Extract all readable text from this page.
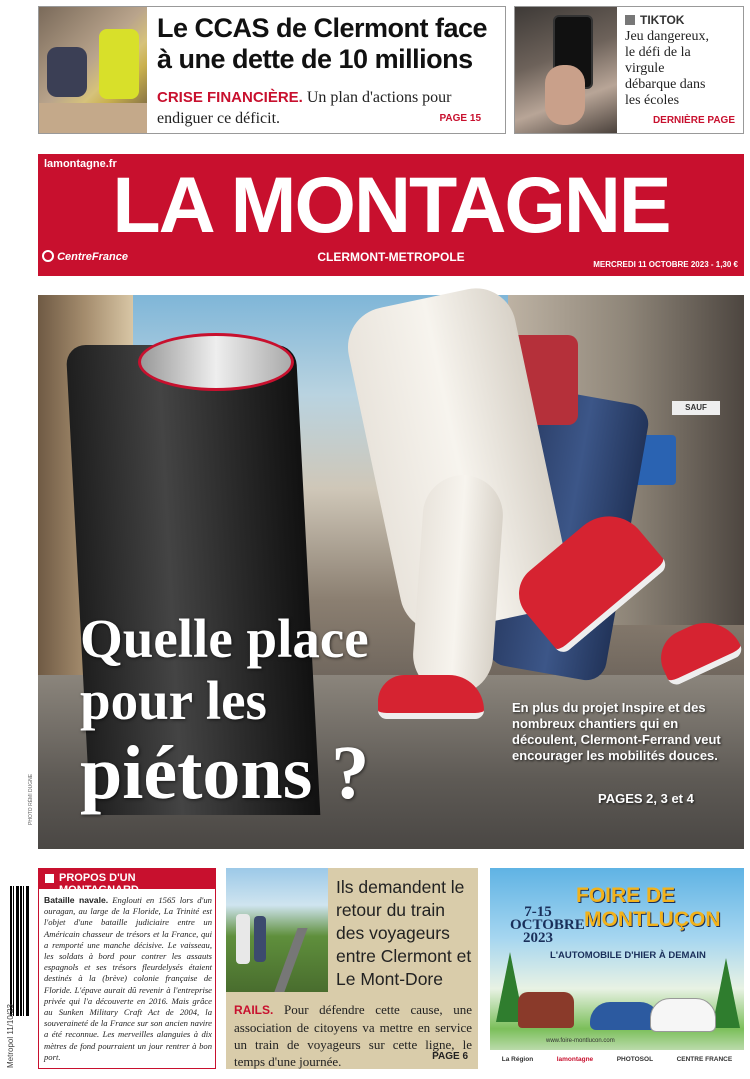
Le CCAS de Clermont face à une dette de 10 millions
CRISE FINANCIÈRE. Un plan d'actions pour endiguer ce déficit.	PAGE 15
TIKTOK
Jeu dangereux, le défi de la virgule débarque dans les écoles
DERNIÈRE PAGE
lamontagne.fr
LA MONTAGNE
CentreFrance	CLERMONT-METROPOLE
MERCREDI 11 OCTOBRE 2023 - 1,30 €
SAUF
Quelle place
pour les
piétons ?
En plus du projet Inspire et des nombreux chantiers qui en découlent, Clermont-Ferrand veut encourager les mobilités douces.
PAGES 2, 3 et 4
PHOTO RÉMI DUGNE
Metropol 11/10/23
PROPOS D'UN MONTAGNARD
Bataille navale. Englouti en 1565 lors d'un ouragan, au large de la Floride, La Trinité est l'objet d'une bataille judiciaire entre un Américain chasseur de trésors et la France, qui a remporté une manche décisive. Le vaisseau, les soldats à bord pour contrer les assauts espagnols et ses trésors fleurdelysés étaient destinés à la (brève) colonie française de Floride. L'épave aurait dû revenir à l'entreprise privée qui l'a découverte en 2016. Mais grâce au Sunken Military Craft Act de 2004, la souveraineté de la France sur son ancien navire a été reconnue. Les merveilles alanguies à dix mètres de fond pourraient un jour rentrer à bon port.
Ils demandent le retour du train des voyageurs entre Clermont et Le Mont-Dore
RAILS. Pour défendre cette cause, une association de citoyens va mettre en service un train de voyageurs sur cette ligne, le temps d'une journée.	PAGE 6
7-15 OCTOBRE 2023
FOIRE DE
MONTLUÇON
L'AUTOMOBILE D'HIER À DEMAIN
www.foire-montlucon.com
La Région	lamontagne	PHOTOSOL	CENTRE FRANCE
